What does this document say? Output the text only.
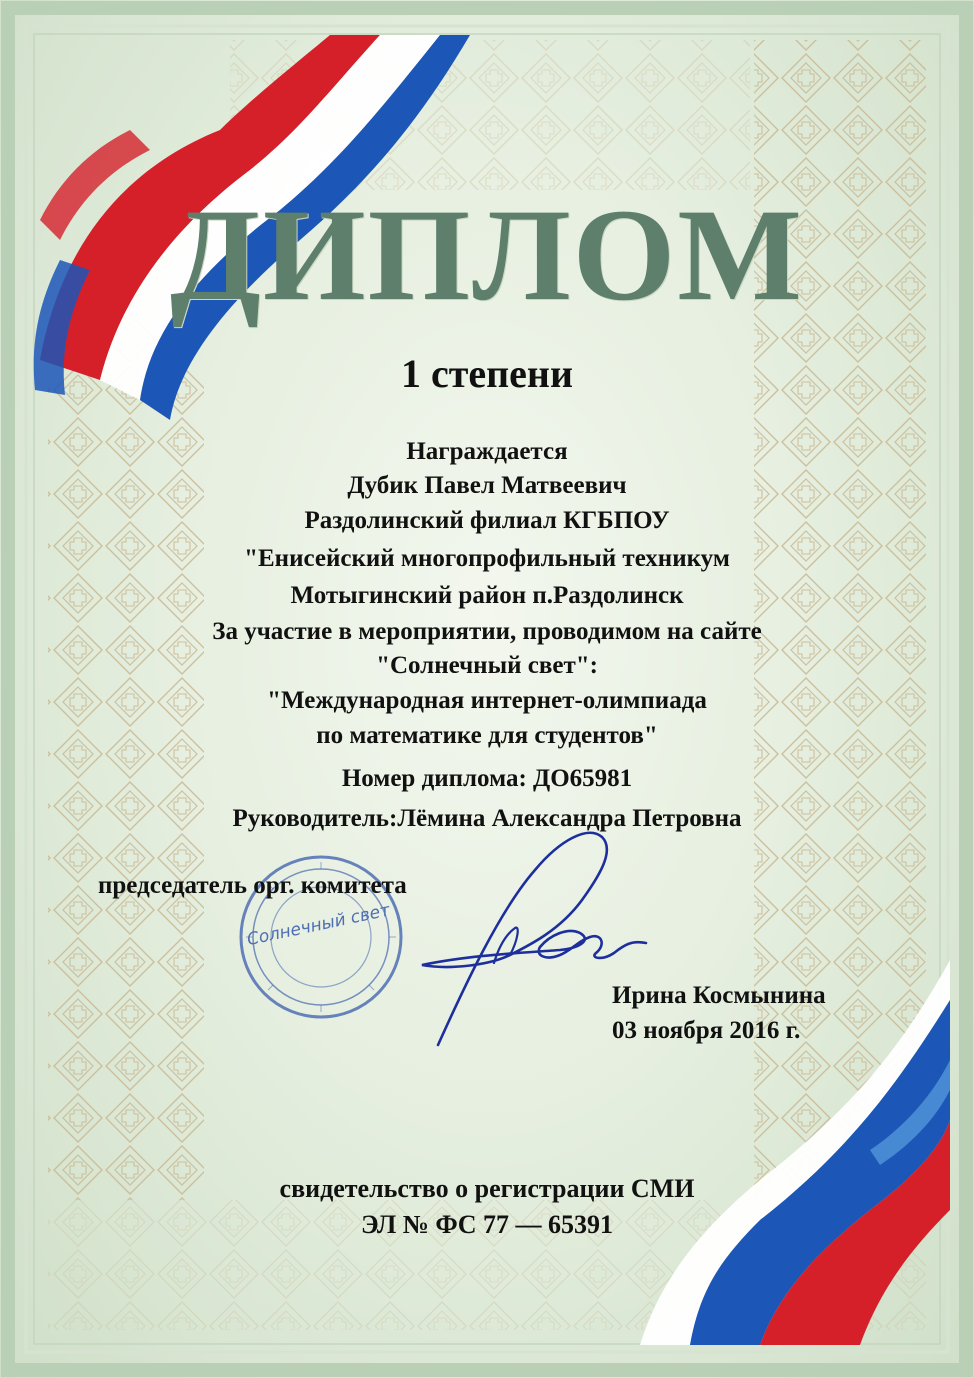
ДИПЛОМ
1 степени
Награждается
Дубик Павел Матвеевич
Раздолинский филиал КГБПОУ
"Енисейский многопрофильный техникум
Мотыгинский район п.Раздолинск
За участие в мероприятии, проводимом на сайте
"Солнечный свет":
"Международная интернет-олимпиада
по математике для студентов"
Номер диплома: ДО65981
Руководитель:Лёмина Александра Петровна
Солнечный свет
председатель орг. комитета
Ирина Космынина
03 ноября 2016 г.
свидетельство о регистрации СМИ
ЭЛ № ФС 77 — 65391
